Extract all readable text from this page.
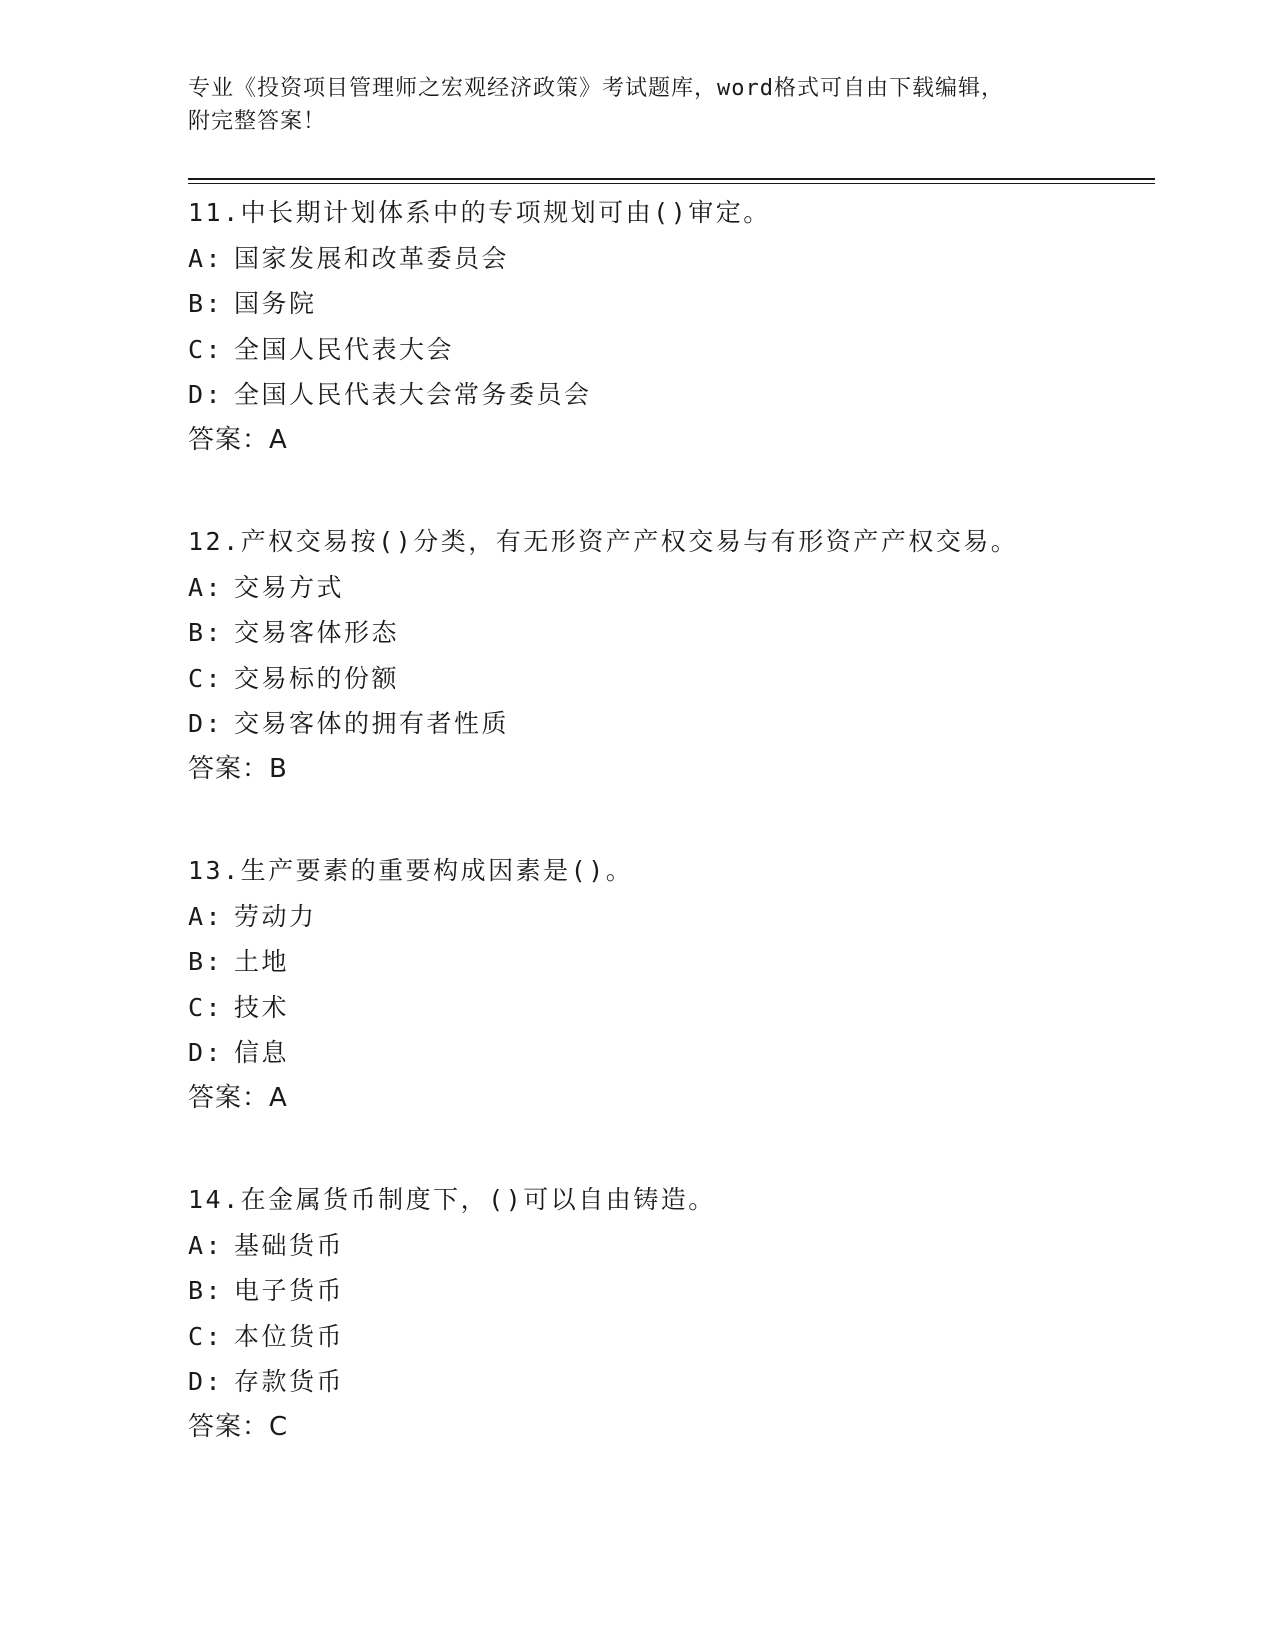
专业《投资项目管理师之宏观经济政策》考试题库，word格式可自由下载编辑，
附完整答案！
11.中长期计划体系中的专项规划可由()审定。
A: 国家发展和改革委员会
B: 国务院
C: 全国人民代表大会
D: 全国人民代表大会常务委员会
答案：A
12.产权交易按()分类，有无形资产产权交易与有形资产产权交易。
A: 交易方式
B: 交易客体形态
C: 交易标的份额
D: 交易客体的拥有者性质
答案：B
13.生产要素的重要构成因素是()。
A: 劳动力
B: 土地
C: 技术
D: 信息
答案：A
14.在金属货币制度下，()可以自由铸造。
A: 基础货币
B: 电子货币
C: 本位货币
D: 存款货币
答案：C
